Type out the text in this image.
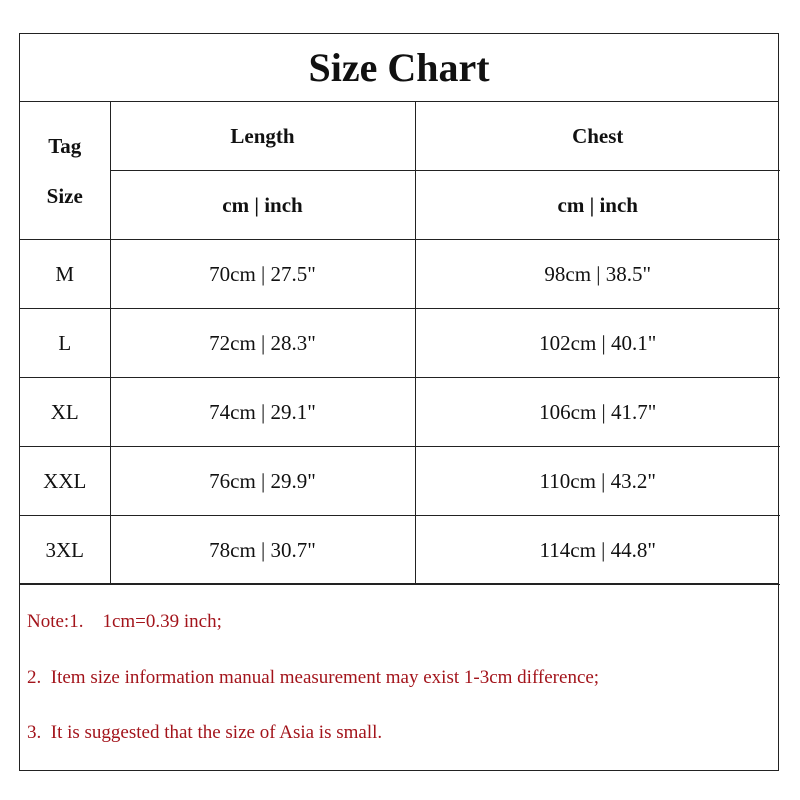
Size Chart
Tag
Size	Length	Chest
	cm | inch	cm | inch
M	70cm | 27.5"	98cm | 38.5"
L	72cm | 28.3"	102cm | 40.1"
XL	74cm | 29.1"	106cm | 41.7"
XXL	76cm | 29.9"	110cm | 43.2"
3XL	78cm | 30.7"	114cm | 44.8"
Note:1.    1cm=0.39 inch;
2.  Item size information manual measurement may exist 1-3cm difference;
3.  It is suggested that the size of Asia is small.
